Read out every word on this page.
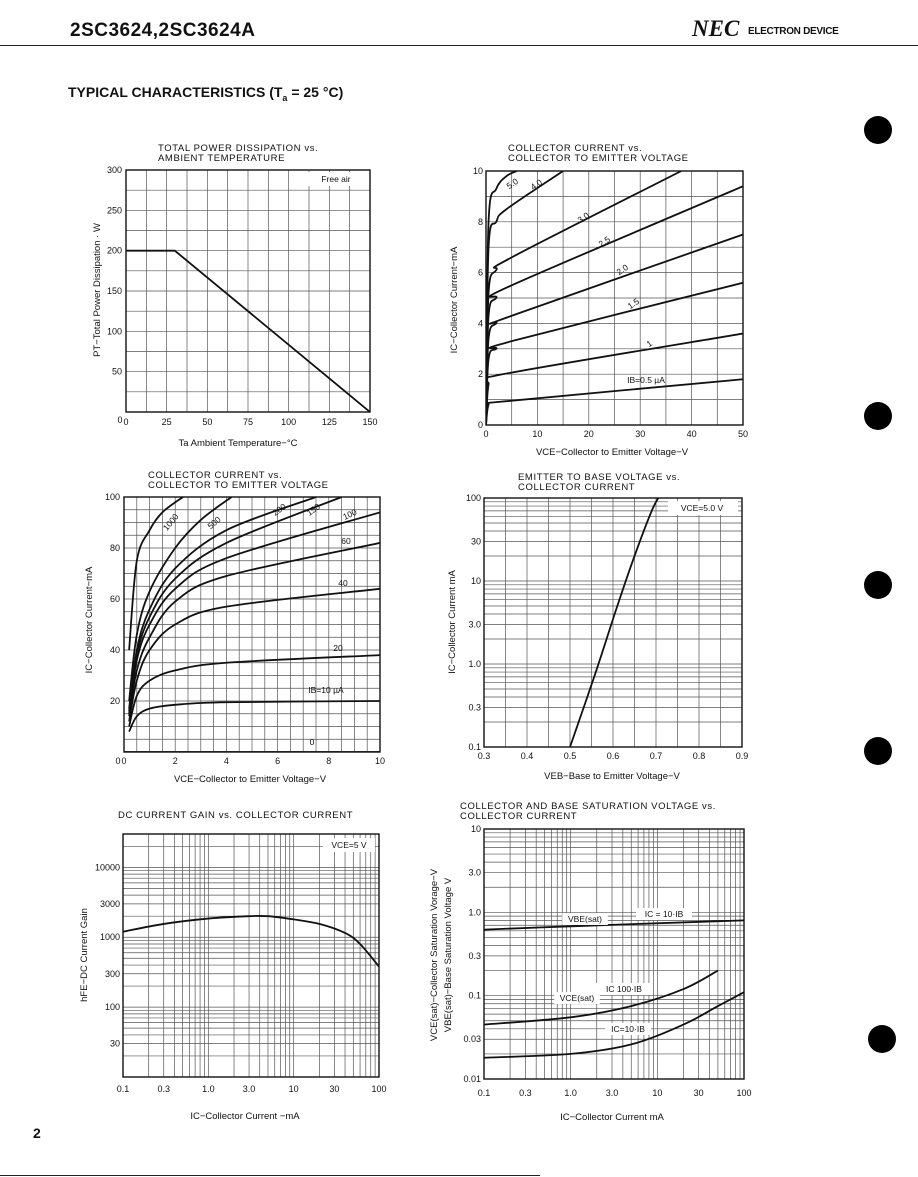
2SC3624,2SC3624A	NEC ELECTRON DEVICE
TYPICAL CHARACTERISTICS ($T_a = 25$ °C)
Free air
TOTAL POWER DISSIPATION vs.
AMBIENT TEMPERATURE
0	25	50	75	100	125	150
0
50
100
150
200
250
300
Ta Ambient Temperature−°C
PT−Total Power Dissipation · W
IB=0.5 µA
1
1.5
2.0
2.5
3.0
4.0
5.0
COLLECTOR CURRENT vs.
COLLECTOR TO EMITTER VOLTAGE
0	10	20	30	40	50
0
2
4
6
8
10
VCE−Collector to Emitter Voltage−V
IC−Collector Current−mA
0
IB=10 µA
20
40
60
100
150
200
500
1000
COLLECTOR CURRENT vs.
COLLECTOR TO EMITTER VOLTAGE
0	2	4	6	8	10
0
20
40
60
80
100
VCE−Collector to Emitter Voltage−V
IC−Collector Current−mA
VCE=5.0 V
EMITTER TO BASE VOLTAGE vs.
COLLECTOR CURRENT
0.3	0.4	0.5	0.6	0.7	0.8	0.9
0.1
0.3
1.0
3.0
10
30
100
VEB−Base to Emitter Voltage−V
IC−Collector Current mA
VCE=5 V
DC CURRENT GAIN vs. COLLECTOR CURRENT
0.1	0.3	1.0	3.0	10	30	100
30
100
300
1000
3000
10000
IC−Collector Current −mA
hFE−DC Current Gain	VBE(sat)	IC = 10·IB
VCE(sat)
IC 100·IB
IC=10·IB
COLLECTOR AND BASE SATURATION VOLTAGE vs.
COLLECTOR CURRENT
0.1	0.3	1.0	3.0	10	30	100
0.01
0.03
0.1
0.3
1.0
3.0
10
IC−Collector Current mA
VCE(sat)−Collector Saturation Vorage−V VBE(sat)−Base Saturation Voltage V
2
